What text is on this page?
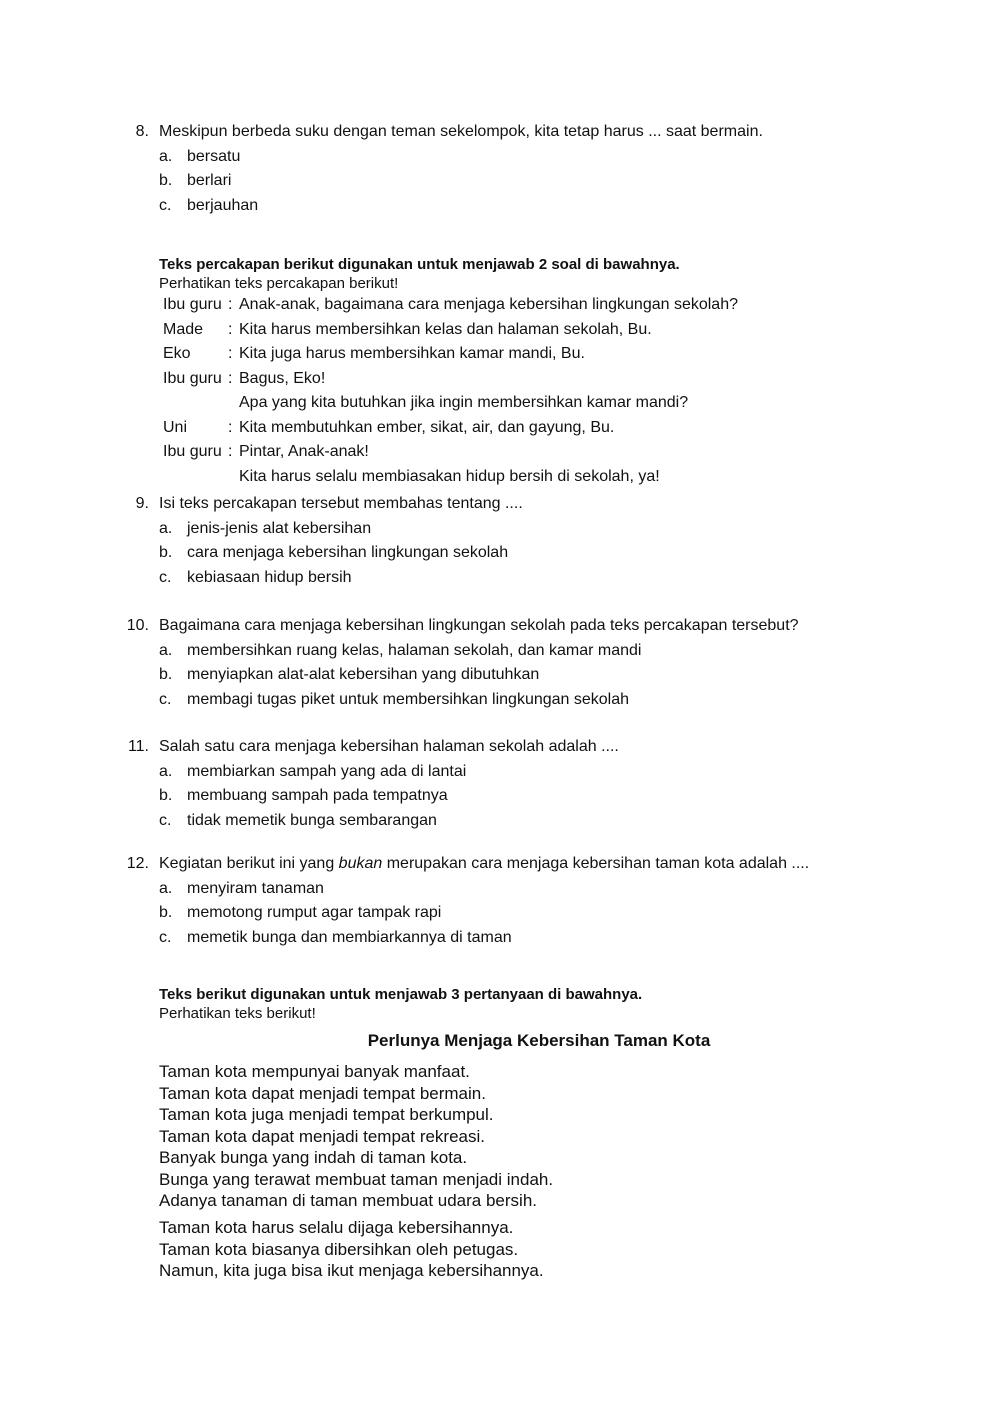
8. Meskipun berbeda suku dengan teman sekelompok, kita tetap harus ... saat bermain.
a. bersatu
b. berlari
c. berjauhan
Teks percakapan berikut digunakan untuk menjawab 2 soal di bawahnya.
Perhatikan teks percakapan berikut!
Ibu guru : Anak-anak, bagaimana cara menjaga kebersihan lingkungan sekolah?
Made : Kita harus membersihkan kelas dan halaman sekolah, Bu.
Eko : Kita juga harus membersihkan kamar mandi, Bu.
Ibu guru : Bagus, Eko!
Apa yang kita butuhkan jika ingin membersihkan kamar mandi?
Uni	: Kita membutuhkan ember, sikat, air, dan gayung, Bu.
Ibu guru : Pintar, Anak-anak!
Kita harus selalu membiasakan hidup bersih di sekolah, ya!
9. Isi teks percakapan tersebut membahas tentang ....
a. jenis-jenis alat kebersihan
b. cara menjaga kebersihan lingkungan sekolah
c. kebiasaan hidup bersih
10. Bagaimana cara menjaga kebersihan lingkungan sekolah pada teks percakapan tersebut?
a. membersihkan ruang kelas, halaman sekolah, dan kamar mandi
b. menyiapkan alat-alat kebersihan yang dibutuhkan
c. membagi tugas piket untuk membersihkan lingkungan sekolah
11. Salah satu cara menjaga kebersihan halaman sekolah adalah ....
a. membiarkan sampah yang ada di lantai
b. membuang sampah pada tempatnya
c. tidak memetik bunga sembarangan
12. Kegiatan berikut ini yang bukan merupakan cara menjaga kebersihan taman kota adalah ....
a. menyiram tanaman
b. memotong rumput agar tampak rapi
c. memetik bunga dan membiarkannya di taman
Teks berikut digunakan untuk menjawab 3 pertanyaan di bawahnya.
Perhatikan teks berikut!
Perlunya Menjaga Kebersihan Taman Kota
Taman kota mempunyai banyak manfaat.
Taman kota dapat menjadi tempat bermain.
Taman kota juga menjadi tempat berkumpul.
Taman kota dapat menjadi tempat rekreasi.
Banyak bunga yang indah di taman kota.
Bunga yang terawat membuat taman menjadi indah.
Adanya tanaman di taman membuat udara bersih.
Taman kota harus selalu dijaga kebersihannya.
Taman kota biasanya dibersihkan oleh petugas.
Namun, kita juga bisa ikut menjaga kebersihannya.
